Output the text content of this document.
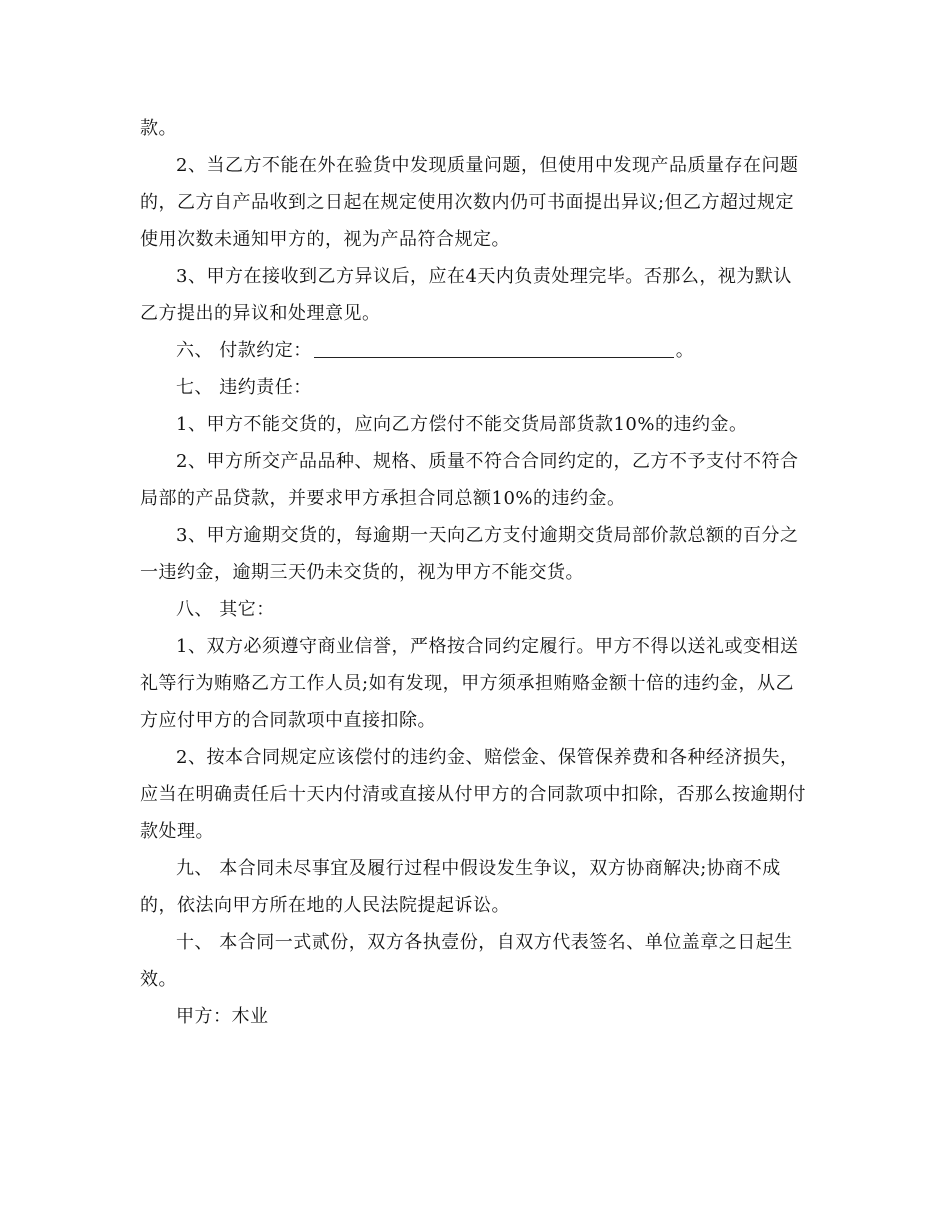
款。
2、当乙方不能在外在验货中发现质量问题，但使用中发现产品质量存在问题
的，乙方自产品收到之日起在规定使用次数内仍可书面提出异议;但乙方超过规定
使用次数未通知甲方的，视为产品符合规定。
3、甲方在接收到乙方异议后，应在4天内负责处理完毕。否那么，视为默认
乙方提出的异议和处理意见。
六、 付款约定：	。
七、 违约责任：
1、甲方不能交货的，应向乙方偿付不能交货局部货款10%的违约金。
2、甲方所交产品品种、规格、质量不符合合同约定的，乙方不予支付不符合
局部的产品贷款，并要求甲方承担合同总额10%的违约金。
3、甲方逾期交货的，每逾期一天向乙方支付逾期交货局部价款总额的百分之
一违约金，逾期三天仍未交货的，视为甲方不能交货。
八、 其它：
1、双方必须遵守商业信誉，严格按合同约定履行。甲方不得以送礼或变相送
礼等行为贿赂乙方工作人员;如有发现，甲方须承担贿赂金额十倍的违约金，从乙
方应付甲方的合同款项中直接扣除。
2、按本合同规定应该偿付的违约金、赔偿金、保管保养费和各种经济损失，
应当在明确责任后十天内付清或直接从付甲方的合同款项中扣除，否那么按逾期付
款处理。
九、 本合同未尽事宜及履行过程中假设发生争议，双方协商解决;协商不成
的，依法向甲方所在地的人民法院提起诉讼。
十、 本合同一式贰份，双方各执壹份，自双方代表签名、单位盖章之日起生
效。
甲方：木业
